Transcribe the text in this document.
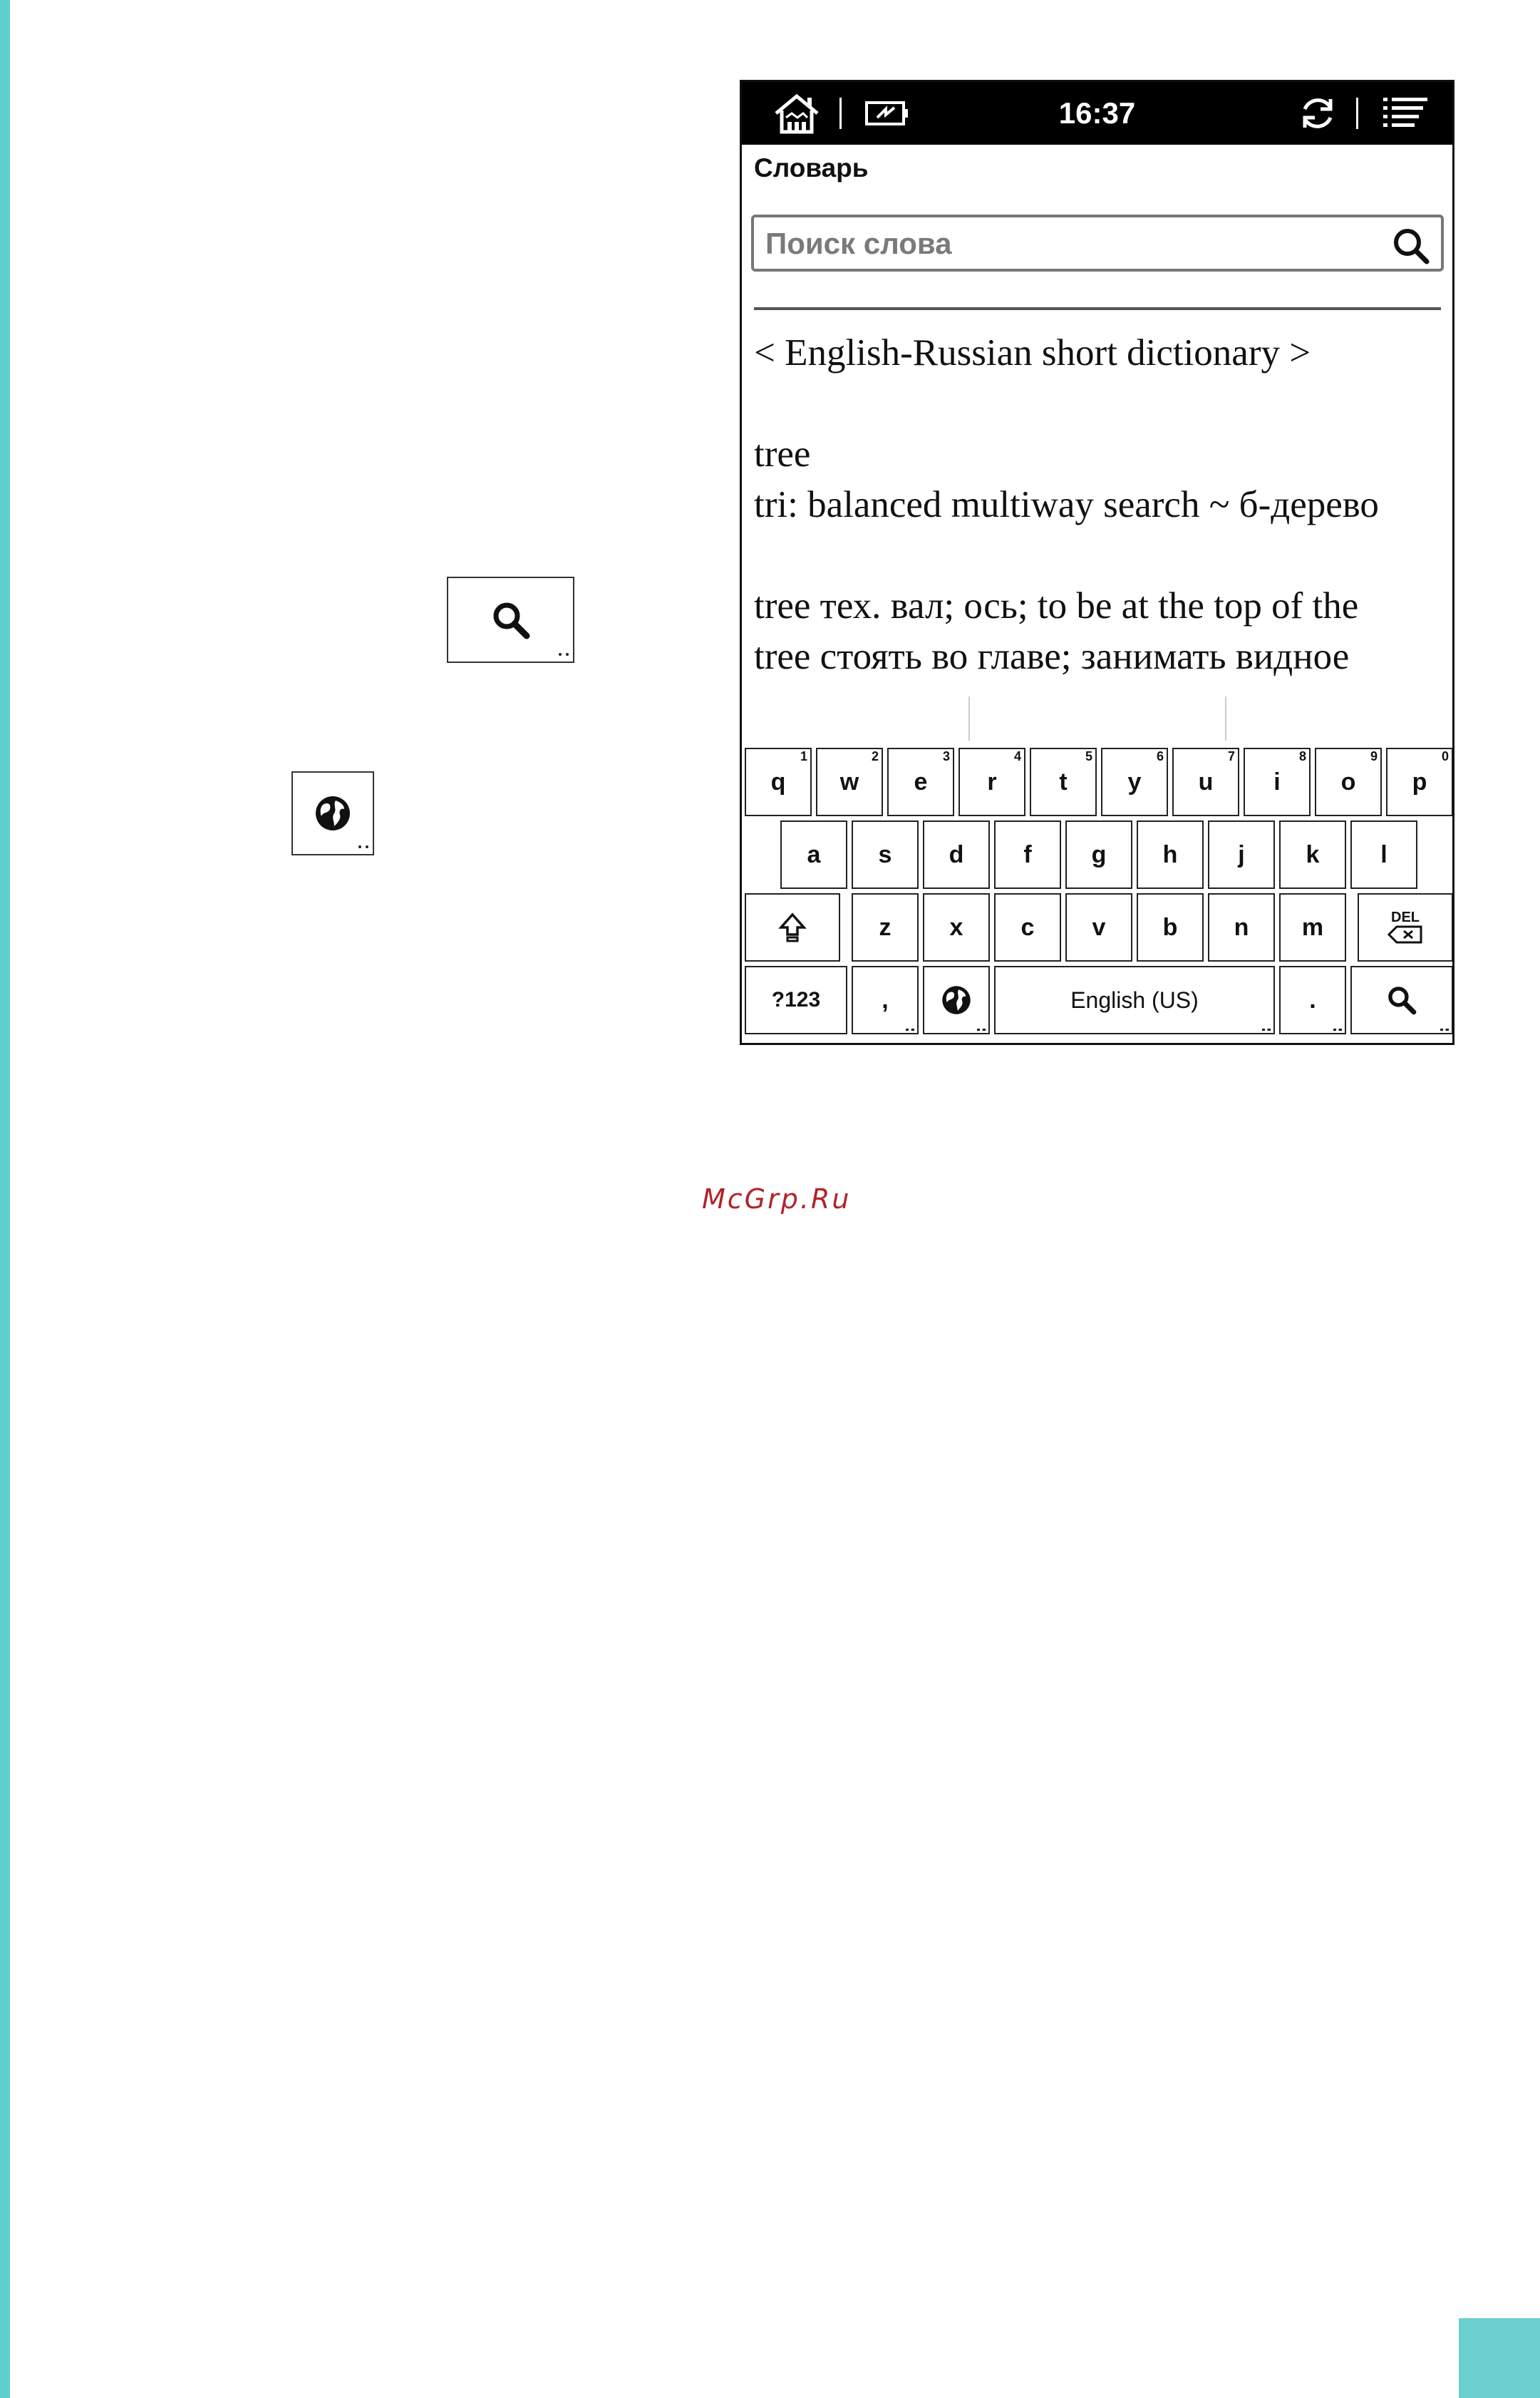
16:37
Словарь
Поиск слова
< English-Russian short dictionary >
tree
tri: balanced multiway search ~ б-дерево
tree тех. вал; ось; to be at the top of the
tree стоять во главе; занимать видное
q
1
w
2
e
3
r
4
t
5
y
6
u
7
i
8
o
9
p
0
a	s	d	f	g	h	j	k	l
z	x	c	v	b	n	m	DEL
?123	,	English (US)	.
McGrp.Ru
